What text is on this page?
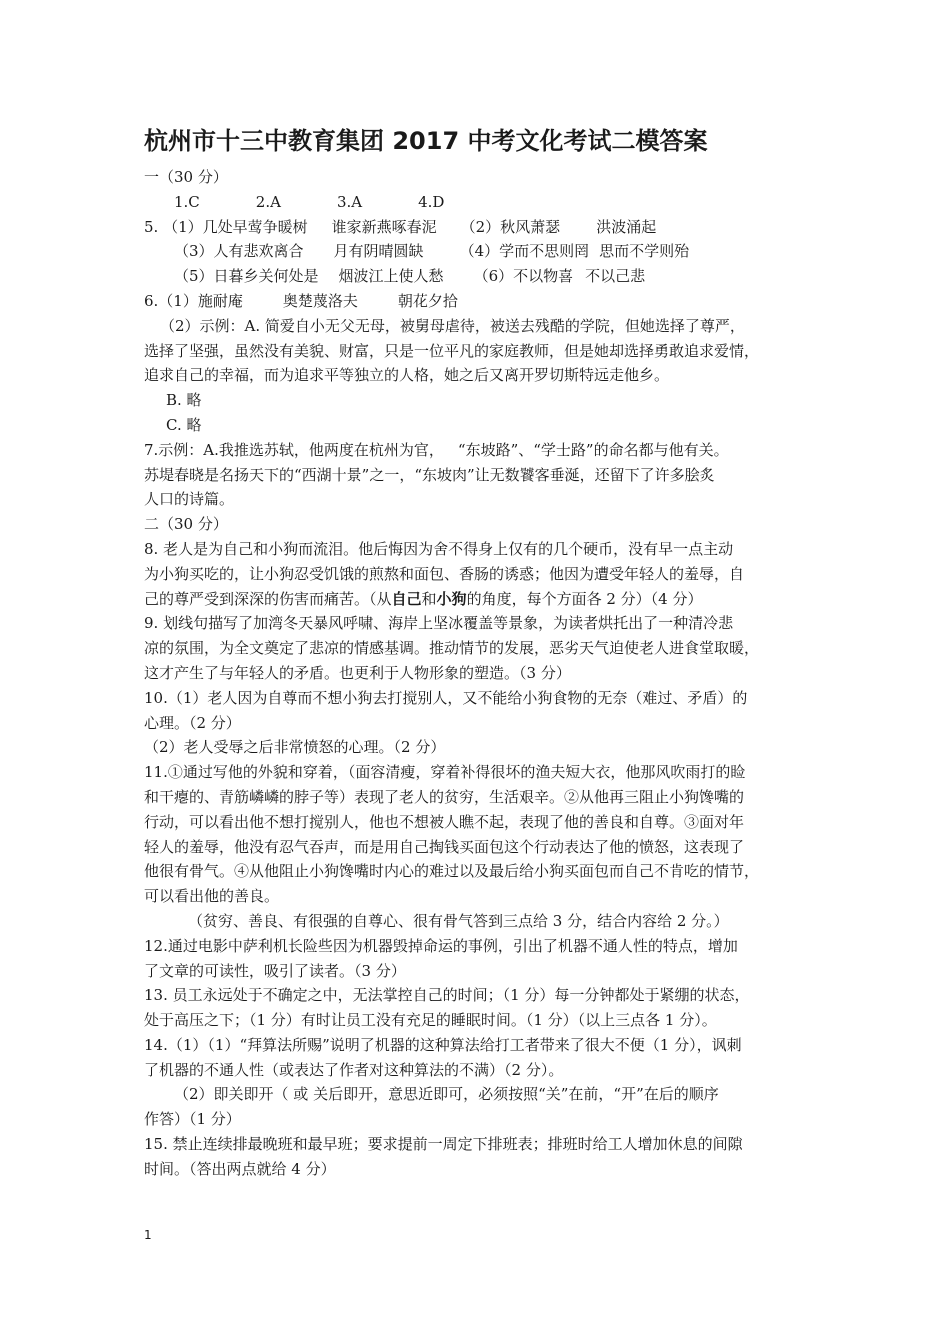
杭州市十三中教育集团 2017 中考文化考试二模答案
一（30 分）
1.C	2.A	3.A	4.D
5. （1）几处早莺争暖树 谁家新燕啄春泥 （2）秋风萧瑟 洪波涌起
（3）人有悲欢离合 月有阴晴圆缺 （4）学而不思则罔 思而不学则殆
（5）日暮乡关何处是 烟波江上使人愁 （6）不以物喜 不以己悲
6.（1）施耐庵	奥楚蔑洛夫	朝花夕拾
（2）示例：A. 简爱自小无父无母，被舅母虐待，被送去残酷的学院，但她选择了尊严，
选择了坚强，虽然没有美貌、财富，只是一位平凡的家庭教师，但是她却选择勇敢追求爱情，
追求自己的幸福，而为追求平等独立的人格，她之后又离开罗切斯特远走他乡。
B. 略
C. 略
7.示例：A.我推选苏轼，他两度在杭州为官， “东坡路”、“学士路”的命名都与他有关。
苏堤春晓是名扬天下的“西湖十景”之一，“东坡肉”让无数饕客垂涎，还留下了许多脍炙
人口的诗篇。
二（30 分）
8. 老人是为自己和小狗而流泪。他后悔因为舍不得身上仅有的几个硬币，没有早一点主动
为小狗买吃的，让小狗忍受饥饿的煎熬和面包、香肠的诱惑；他因为遭受年轻人的羞辱，自
己的尊严受到深深的伤害而痛苦。（从自己和小狗的角度，每个方面各 2 分）（4 分）
9. 划线句描写了加湾冬天暴风呼啸、海岸上坚冰覆盖等景象，为读者烘托出了一种清冷悲
凉的氛围，为全文奠定了悲凉的情感基调。推动情节的发展，恶劣天气迫使老人进食堂取暖，
这才产生了与年轻人的矛盾。也更利于人物形象的塑造。（3 分）
10.（1）老人因为自尊而不想小狗去打搅别人，又不能给小狗食物的无奈（难过、矛盾）的
心理。（2 分）
（2）老人受辱之后非常愤怒的心理。（2 分）
11.①通过写他的外貌和穿着，（面容清瘦，穿着补得很坏的渔夫短大衣，他那风吹雨打的睑
和干瘪的、青筋嶙嶙的脖子等）表现了老人的贫穷，生活艰辛。②从他再三阻止小狗馋嘴的
行动，可以看出他不想打搅别人，他也不想被人瞧不起，表现了他的善良和自尊。③面对年
轻人的羞辱，他没有忍气吞声，而是用自己掏钱买面包这个行动表达了他的愤怒，这表现了
他很有骨气。④从他阻止小狗馋嘴时内心的难过以及最后给小狗买面包而自己不肯吃的情节，
可以看出他的善良。
（贫穷、善良、有很强的自尊心、很有骨气答到三点给 3 分，结合内容给 2 分。）
12.通过电影中萨利机长险些因为机器毁掉命运的事例，引出了机器不通人性的特点，增加
了文章的可读性，吸引了读者。（3 分）
13. 员工永远处于不确定之中，无法掌控自己的时间；（1 分）每一分钟都处于紧绷的状态，
处于高压之下；（1 分）有时让员工没有充足的睡眠时间。（1 分）（以上三点各 1 分）。
14.（1）（1）“拜算法所赐”说明了机器的这种算法给打工者带来了很大不便（1 分），讽刺
了机器的不通人性（或表达了作者对这种算法的不满）（2 分）。
（2）即关即开（ 或 关后即开，意思近即可，必须按照“关”在前，“开”在后的顺序
作答）（1 分）
15. 禁止连续排最晚班和最早班；要求提前一周定下排班表；排班时给工人增加休息的间隙
时间。（答出两点就给 4 分）
1
